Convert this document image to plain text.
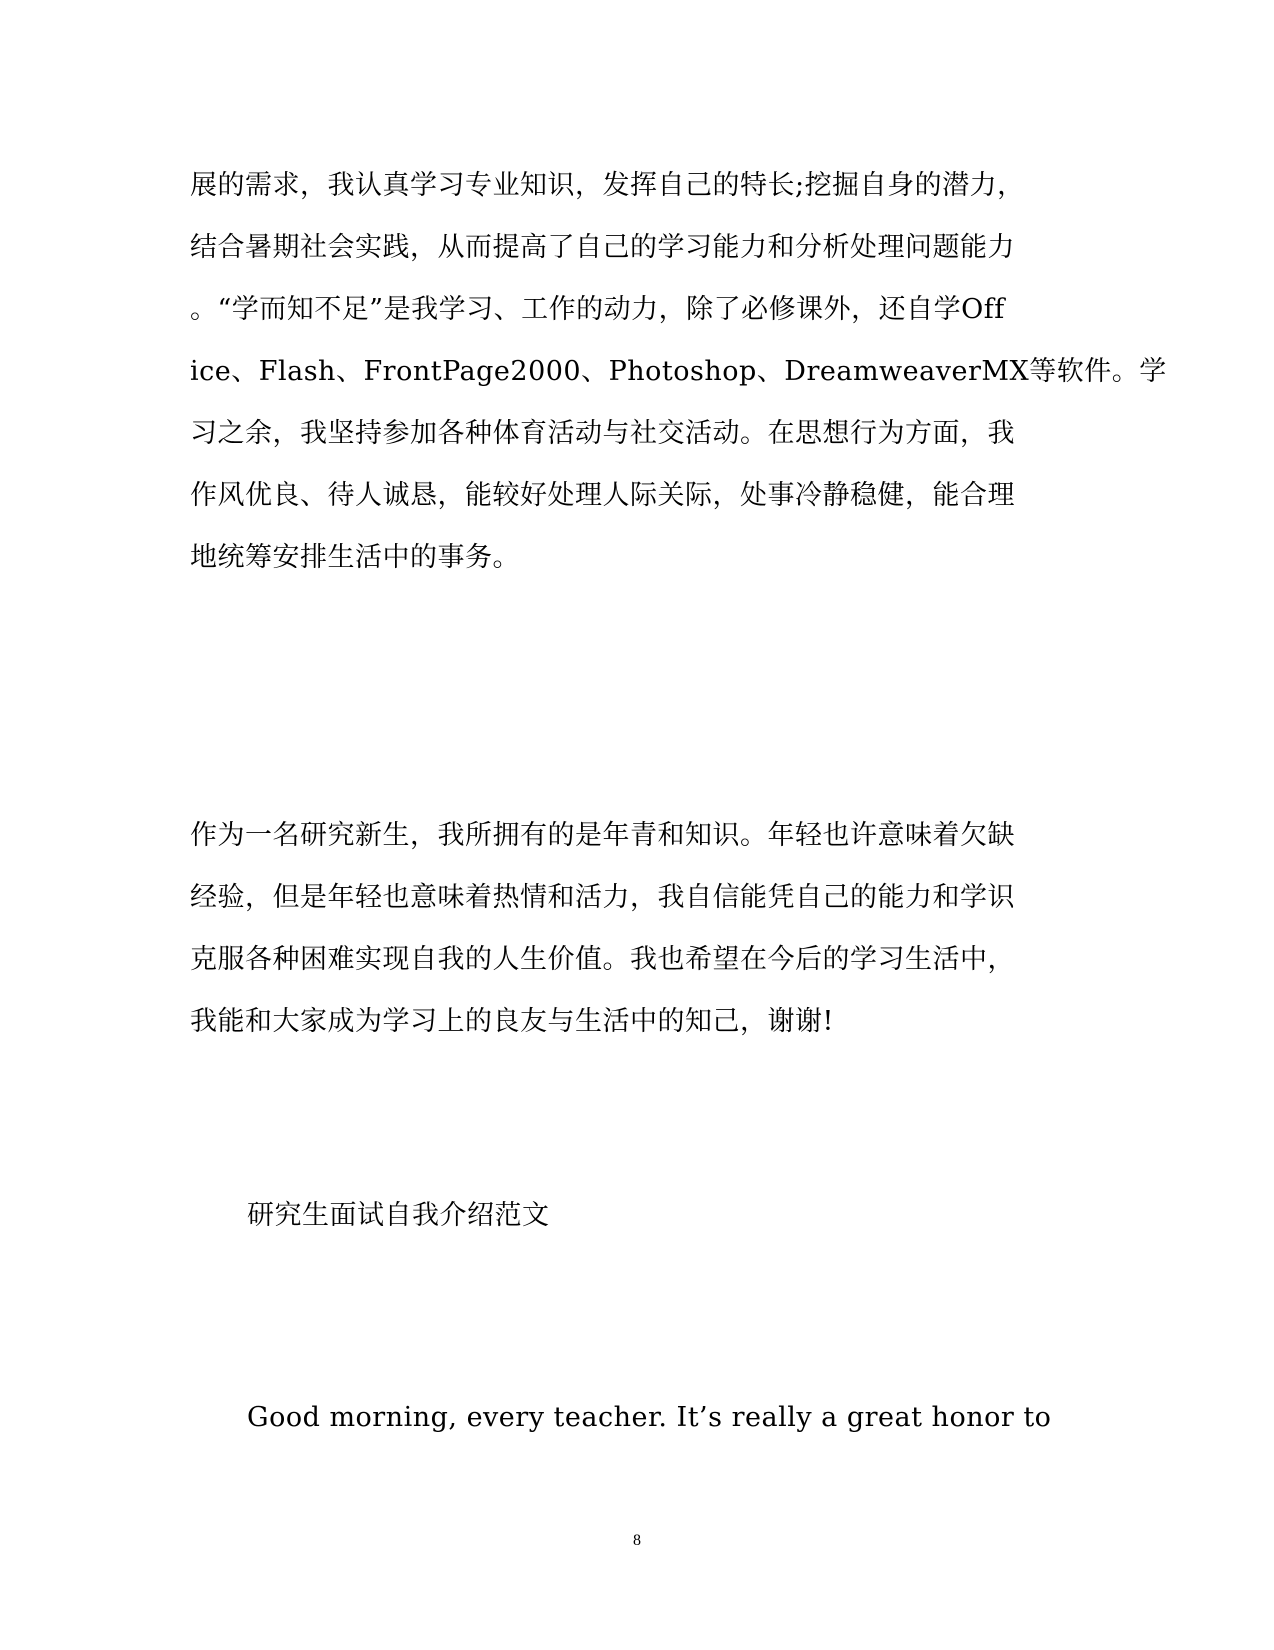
展的需求，我认真学习专业知识，发挥自己的特长;挖掘自身的潜力，
结合暑期社会实践，从而提高了自己的学习能力和分析处理问题能力
。“学而知不足”是我学习、工作的动力，除了必修课外，还自学Off
ice、Flash、FrontPage2000、Photoshop、DreamweaverMX等软件。学
习之余，我坚持参加各种体育活动与社交活动。在思想行为方面，我
作风优良、待人诚恳，能较好处理人际关际，处事冷静稳健，能合理
地统筹安排生活中的事务。
作为一名研究新生，我所拥有的是年青和知识。年轻也许意味着欠缺
经验，但是年轻也意味着热情和活力，我自信能凭自己的能力和学识
克服各种困难实现自我的人生价值。我也希望在今后的学习生活中，
我能和大家成为学习上的良友与生活中的知己，谢谢!
研究生面试自我介绍范文
Good morning, every teacher. It’s really a great honor to
8
